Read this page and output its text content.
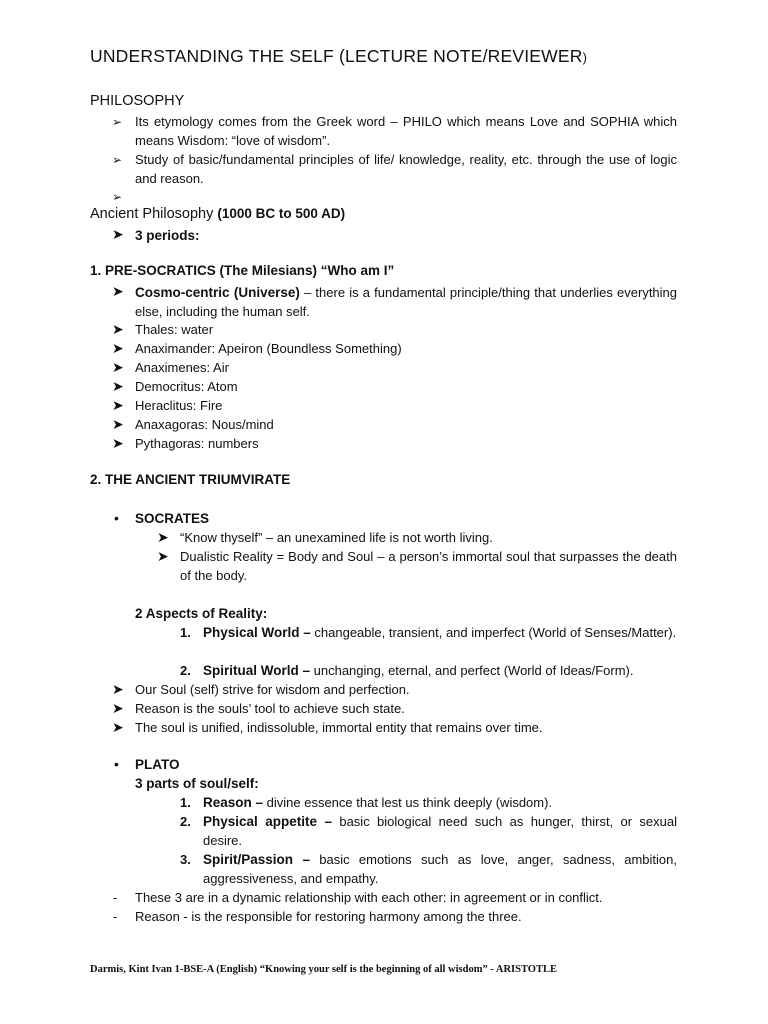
UNDERSTANDING THE SELF (LECTURE NOTE/REVIEWER)
PHILOSOPHY
➢ Its etymology comes from the Greek word – PHILO which means Love and SOPHIA which means Wisdom: “love of wisdom”.
➢ Study of basic/fundamental principles of life/ knowledge, reality, etc. through the use of logic and reason.
➢
Ancient Philosophy (1000 BC to 500 AD)
➤ 3 periods:
1. PRE-SOCRATICS (The Milesians) “Who am I”
➤ Cosmo-centric (Universe) – there is a fundamental principle/thing that underlies everything else, including the human self.
➤ Thales: water
➤ Anaximander: Apeiron (Boundless Something)
➤ Anaximenes: Air
➤ Democritus: Atom
➤ Heraclitus: Fire
➤ Anaxagoras: Nous/mind
➤ Pythagoras: numbers
2. THE ANCIENT TRIUMVIRATE
• SOCRATES
➤ “Know thyself” – an unexamined life is not worth living.
➤ Dualistic Reality = Body and Soul – a person’s immortal soul that surpasses the death of the body.
2 Aspects of Reality:
1. Physical World – changeable, transient, and imperfect (World of Senses/Matter).
2. Spiritual World – unchanging, eternal, and perfect (World of Ideas/Form).
➤ Our Soul (self) strive for wisdom and perfection.
➤ Reason is the souls’ tool to achieve such state.
➤ The soul is unified, indissoluble, immortal entity that remains over time.
• PLATO
3 parts of soul/self:
1. Reason – divine essence that lest us think deeply (wisdom).
2. Physical appetite – basic biological need such as hunger, thirst, or sexual desire.
3. Spirit/Passion – basic emotions such as love, anger, sadness, ambition, aggressiveness, and empathy.
- These 3 are in a dynamic relationship with each other: in agreement or in conflict.
- Reason - is the responsible for restoring harmony among the three.
Darmis, Kint Ivan 1-BSE-A (English) “Knowing your self is the beginning of all wisdom” - ARISTOTLE
